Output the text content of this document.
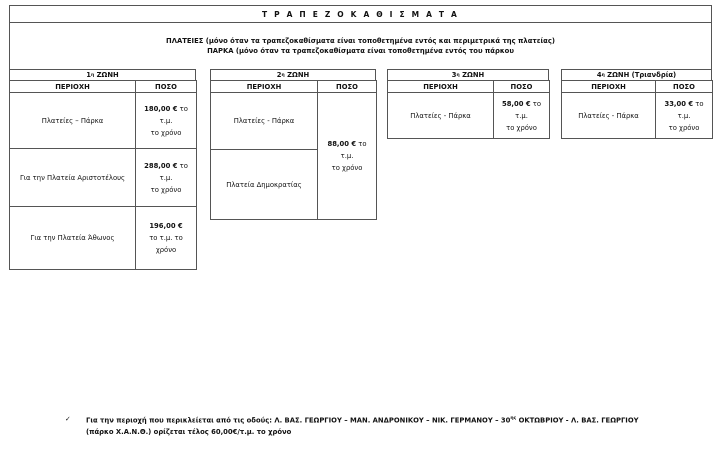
Τ Ρ Α Π Ε Ζ Ο Κ Α Θ Ι Σ Μ Α Τ Α
ΠΛΑΤΕΙΕΣ (μόνο όταν τα τραπεζοκαθίσματα είναι τοποθετημένα εντός και περιμετρικά της πλατείας)
ΠΑΡΚΑ (μόνο όταν τα τραπεζοκαθίσματα είναι τοποθετημένα εντός του πάρκου
1 η
ΖΩΝΗ
ΠΕΡΙΟΧΗ	ΠΟΣΟ
Πλατείες – Πάρκα	180,00 € το
τ.μ.
το χρόνο
Για την Πλατεία Αριστοτέλους	288,00 € το
τ.μ.
το χρόνο
Για την Πλατεία Άθωνος	196,00 €
το τ.μ. το
χρόνο
2 η
ΖΩΝΗ
ΠΕΡΙΟΧΗ	ΠΟΣΟ
Πλατείες - Πάρκα	88,00 € το
τ.μ.
το χρόνο
Πλατεία Δημοκρατίας	
3 η
ΖΩΝΗ
ΠΕΡΙΟΧΗ	ΠΟΣΟ
Πλατείες - Πάρκα	58,00 € το
τ.μ.
το χρόνο
4 η
ΖΩΝΗ (Τριανδρία)
ΠΕΡΙΟΧΗ	ΠΟΣΟ
Πλατείες - Πάρκα	33,00 € το
τ.μ.
το χρόνο
✓ Για την περιοχή που περικλείεται από τις οδούς: Λ. ΒΑΣ. ΓΕΩΡΓΙΟΥ – ΜΑΝ. ΑΝΔΡΟΝΙΚΟΥ – ΝΙΚ. ΓΕΡΜΑΝΟΥ – $30^{\eta\varsigma}$ ΟΚΤΩΒΡΙΟΥ - Λ. ΒΑΣ. ΓΕΩΡΓΙΟΥ
(πάρκο Χ.Α.Ν.Θ.) ορίζεται τέλος 60,00€/τ.μ. το χρόνο
